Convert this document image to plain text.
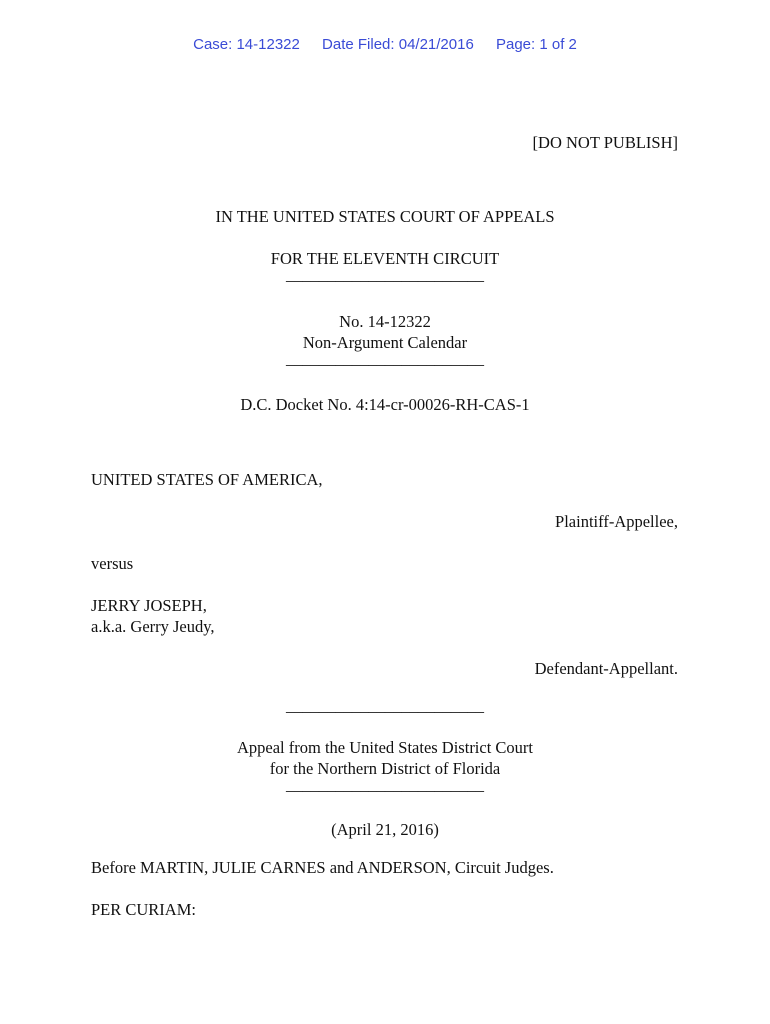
Case: 14-12322 Date Filed: 04/21/2016 Page: 1 of 2
[DO NOT PUBLISH]
IN THE UNITED STATES COURT OF APPEALS
FOR THE ELEVENTH CIRCUIT
________________________
No. 14-12322
Non-Argument Calendar
________________________
D.C. Docket No. 4:14-cr-00026-RH-CAS-1
UNITED STATES OF AMERICA,
Plaintiff-Appellee,
versus
JERRY JOSEPH,
a.k.a. Gerry Jeudy,
Defendant-Appellant.
________________________
Appeal from the United States District Court
for the Northern District of Florida
________________________
(April 21, 2016)
Before MARTIN, JULIE CARNES and ANDERSON, Circuit Judges.
PER CURIAM:
